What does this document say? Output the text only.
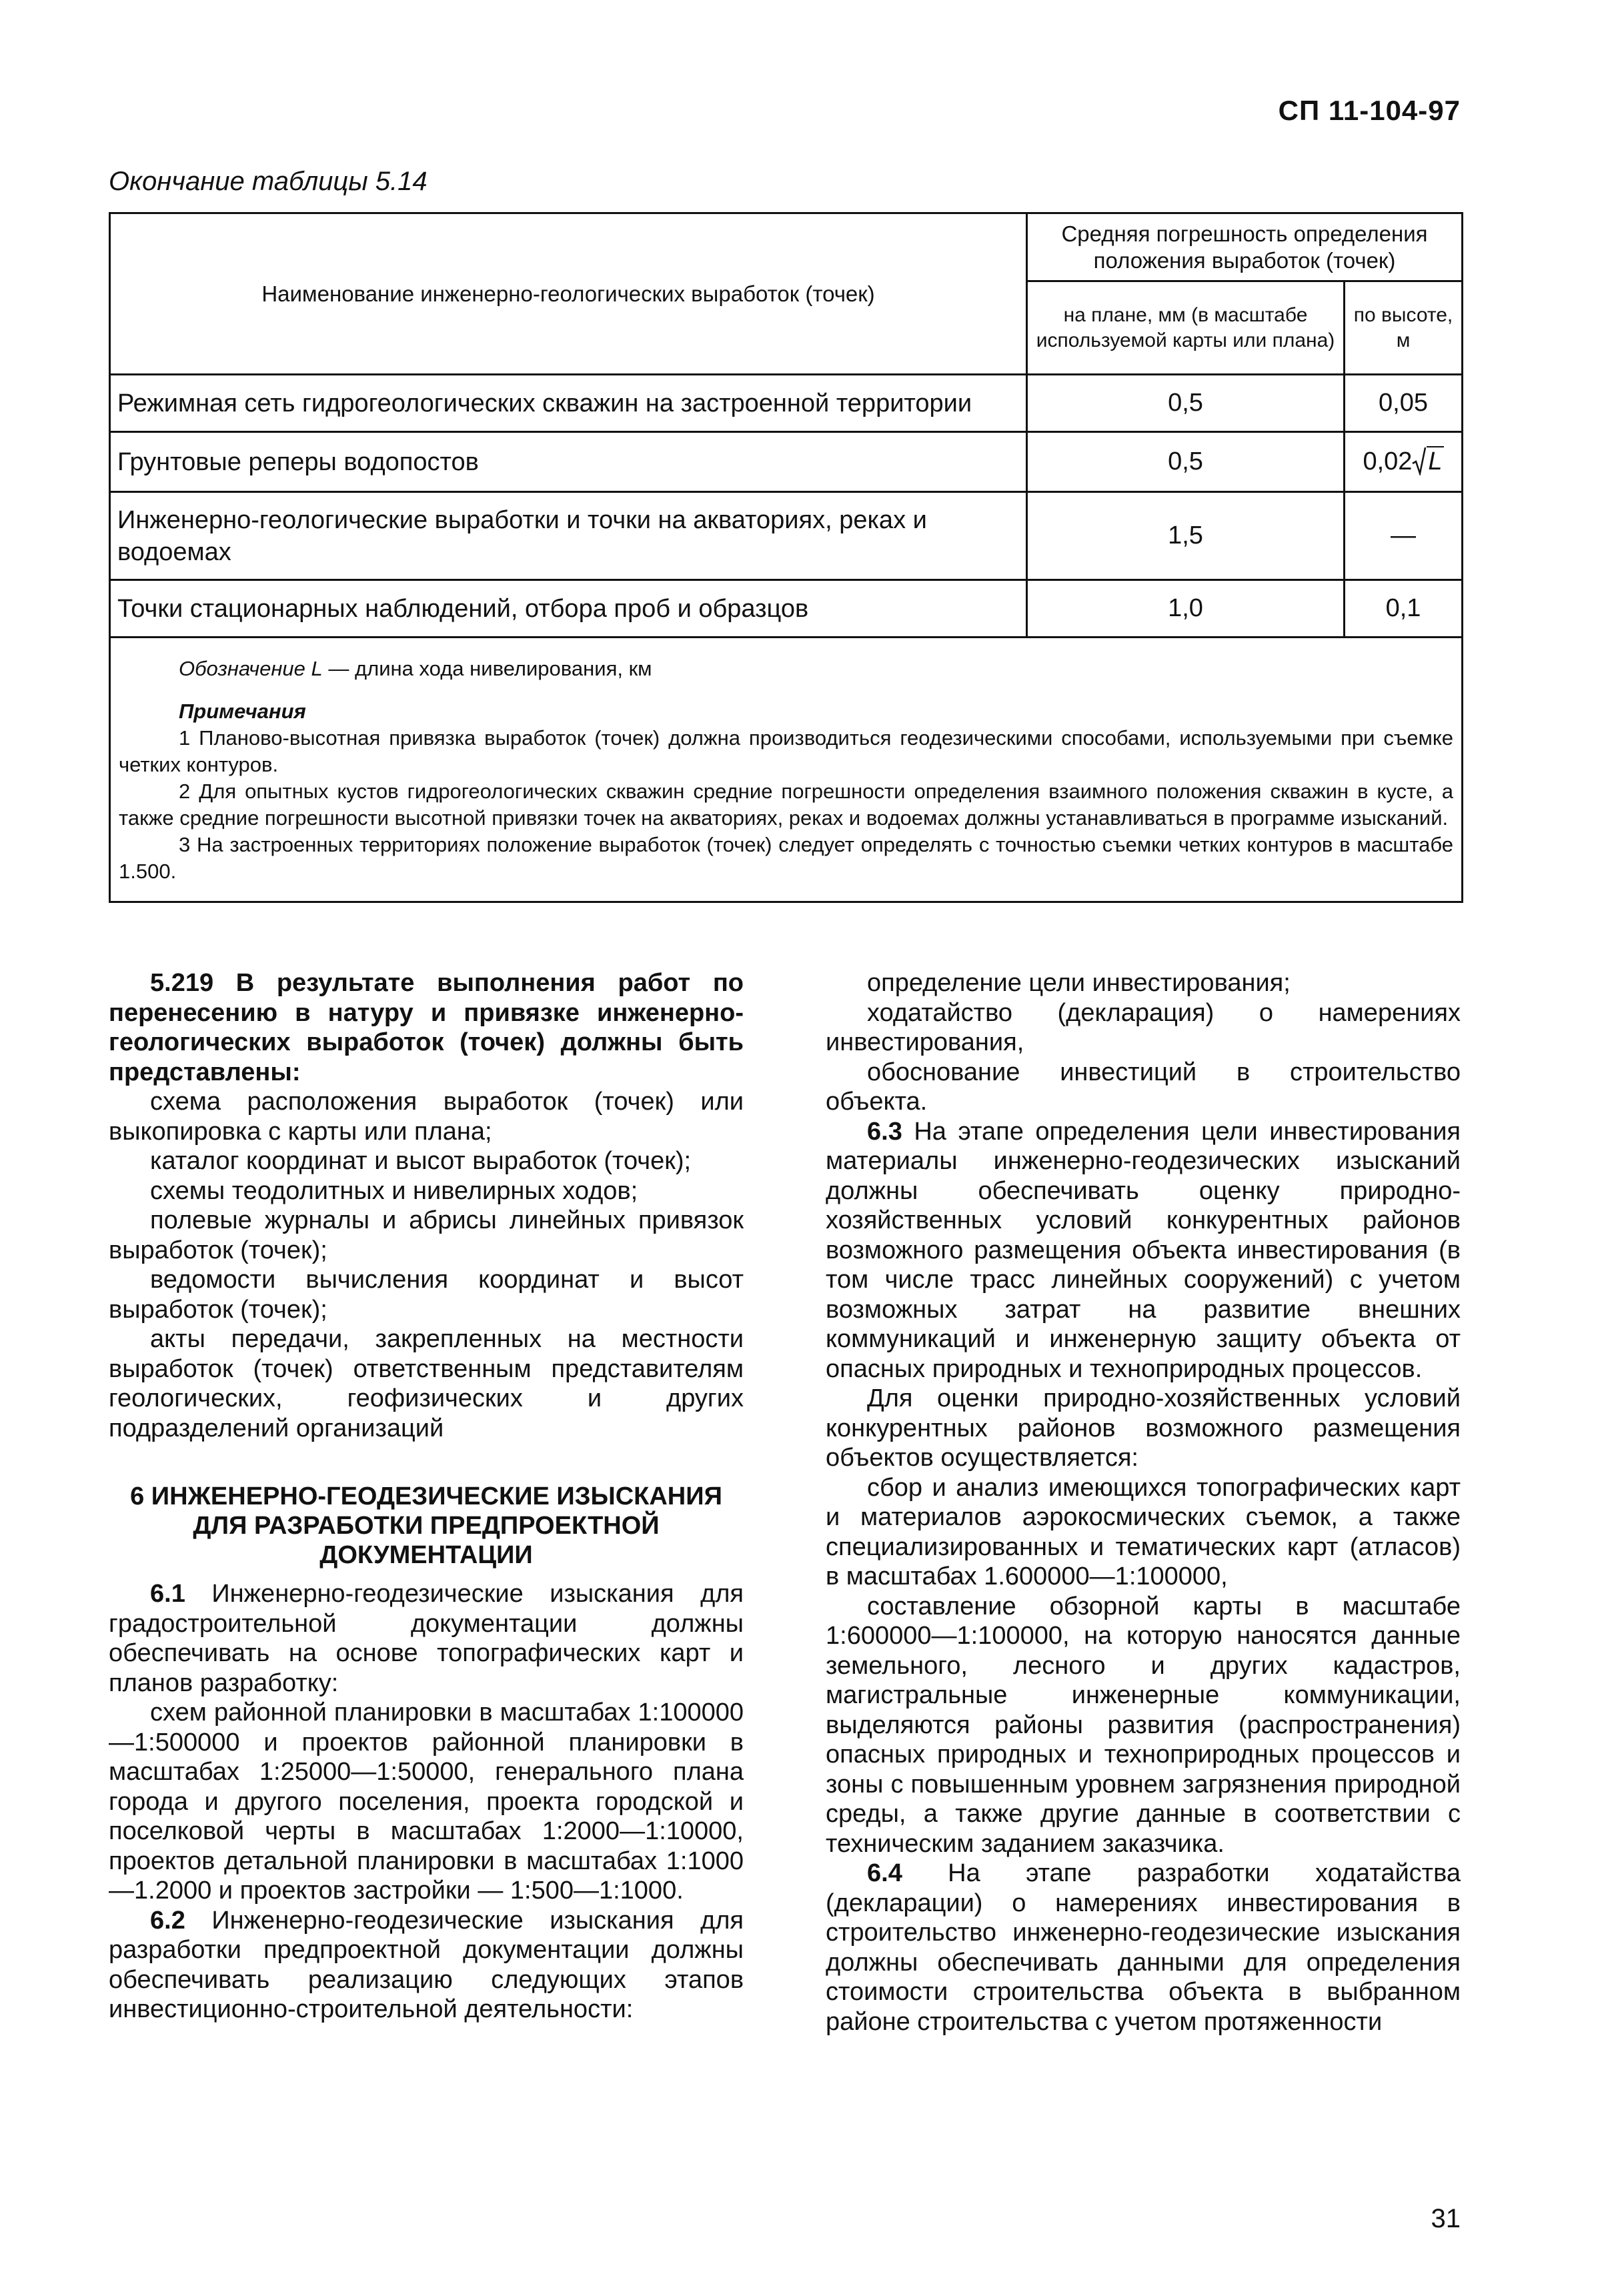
СП 11-104-97
Окончание таблицы 5.14
Наименование инженерно-геологических выработок (точек)	Средняя погрешность определения положения выработок (точек)	
	на плане, мм (в масштабе используемой карты или плана)	по высоте, м
Режимная сеть гидрогеологических скважин на застроенной территории	0,5	0,05
Грунтовые реперы водопостов	0,5	0,02 L
Инженерно-геологические выработки и точки на акваториях, реках и водоемах	1,5	—
Точки стационарных наблюдений, отбора проб и образцов	1,0	0,1

Обозначение L — длина хода нивелирования, км

Примечания

1 Планово-высотная привязка выработок (точек) должна производиться геодезическими способами, используемыми при съемке четких контуров.

2 Для опытных кустов гидрогеологических скважин средние погрешности определения взаимного положения скважин в кусте, а также средние погрешности высотной привязки точек на акваториях, реках и водоемах должны устанавливаться в программе изысканий.

3 На застроенных территориях положение выработок (точек) следует определять с точностью съемки четких контуров в масштабе 1.500.		

5.219 В результате выполнения работ по перенесению в натуру и привязке инженерно-геологических выработок (точек) должны быть представлены:

схема расположения выработок (точек) или выкопировка с карты или плана;

каталог координат и высот выработок (точек);

схемы теодолитных и нивелирных ходов;

полевые журналы и абрисы линейных привязок выработок (точек);

ведомости вычисления координат и высот выработок (точек);

акты передачи, закрепленных на местности выработок (точек) ответственным представителям геологических, геофизических и других подразделений организаций

6 ИНЖЕНЕРНО-ГЕОДЕЗИЧЕСКИЕ ИЗЫСКАНИЯ ДЛЯ РАЗРАБОТКИ ПРЕДПРОЕКТНОЙ ДОКУМЕНТАЦИИ

6.1 Инженерно-геодезические изыскания для градостроительной документации должны обеспечивать на основе топографических карт и планов разработку:

схем районной планировки в масштабах 1:100000—1:500000 и проектов районной планировки в масштабах 1:25000—1:50000, генерального плана города и другого поселения, проекта городской и поселковой черты в масштабах 1:2000—1:10000, проектов детальной планировки в масштабах 1:1000—1.2000 и проектов застройки — 1:500—1:1000.

6.2 Инженерно-геодезические изыскания для разработки предпроектной документации должны обеспечивать реализацию следующих этапов инвестиционно-строительной деятельности:

определение цели инвестирования;

ходатайство (декларация) о намерениях инвестирования,

обоснование инвестиций в строительство объекта.

6.3 На этапе определения цели инвестирования материалы инженерно-геодезических изысканий должны обеспечивать оценку природно-хозяйственных условий конкурентных районов возможного размещения объекта инвестирования (в том числе трасс линейных сооружений) с учетом возможных затрат на развитие внешних коммуникаций и инженерную защиту объекта от опасных природных и техноприродных процессов.

Для оценки природно-хозяйственных условий конкурентных районов возможного размещения объектов осуществляется:

сбор и анализ имеющихся топографических карт и материалов аэрокосмических съемок, а также специализированных и тематических карт (атласов) в масштабах 1.600000—1:100000,

составление обзорной карты в масштабе 1:600000—1:100000, на которую наносятся данные земельного, лесного и других кадастров, магистральные инженерные коммуникации, выделяются районы развития (распространения) опасных природных и техноприродных процессов и зоны с повышенным уровнем загрязнения природной среды, а также другие данные в соответствии с техническим заданием заказчика.

6.4 На этапе разработки ходатайства (декларации) о намерениях инвестирования в строительство инженерно-геодезические изыскания должны обеспечивать данными для определения стоимости строительства объекта в выбранном районе строительства с учетом протяженности

31
